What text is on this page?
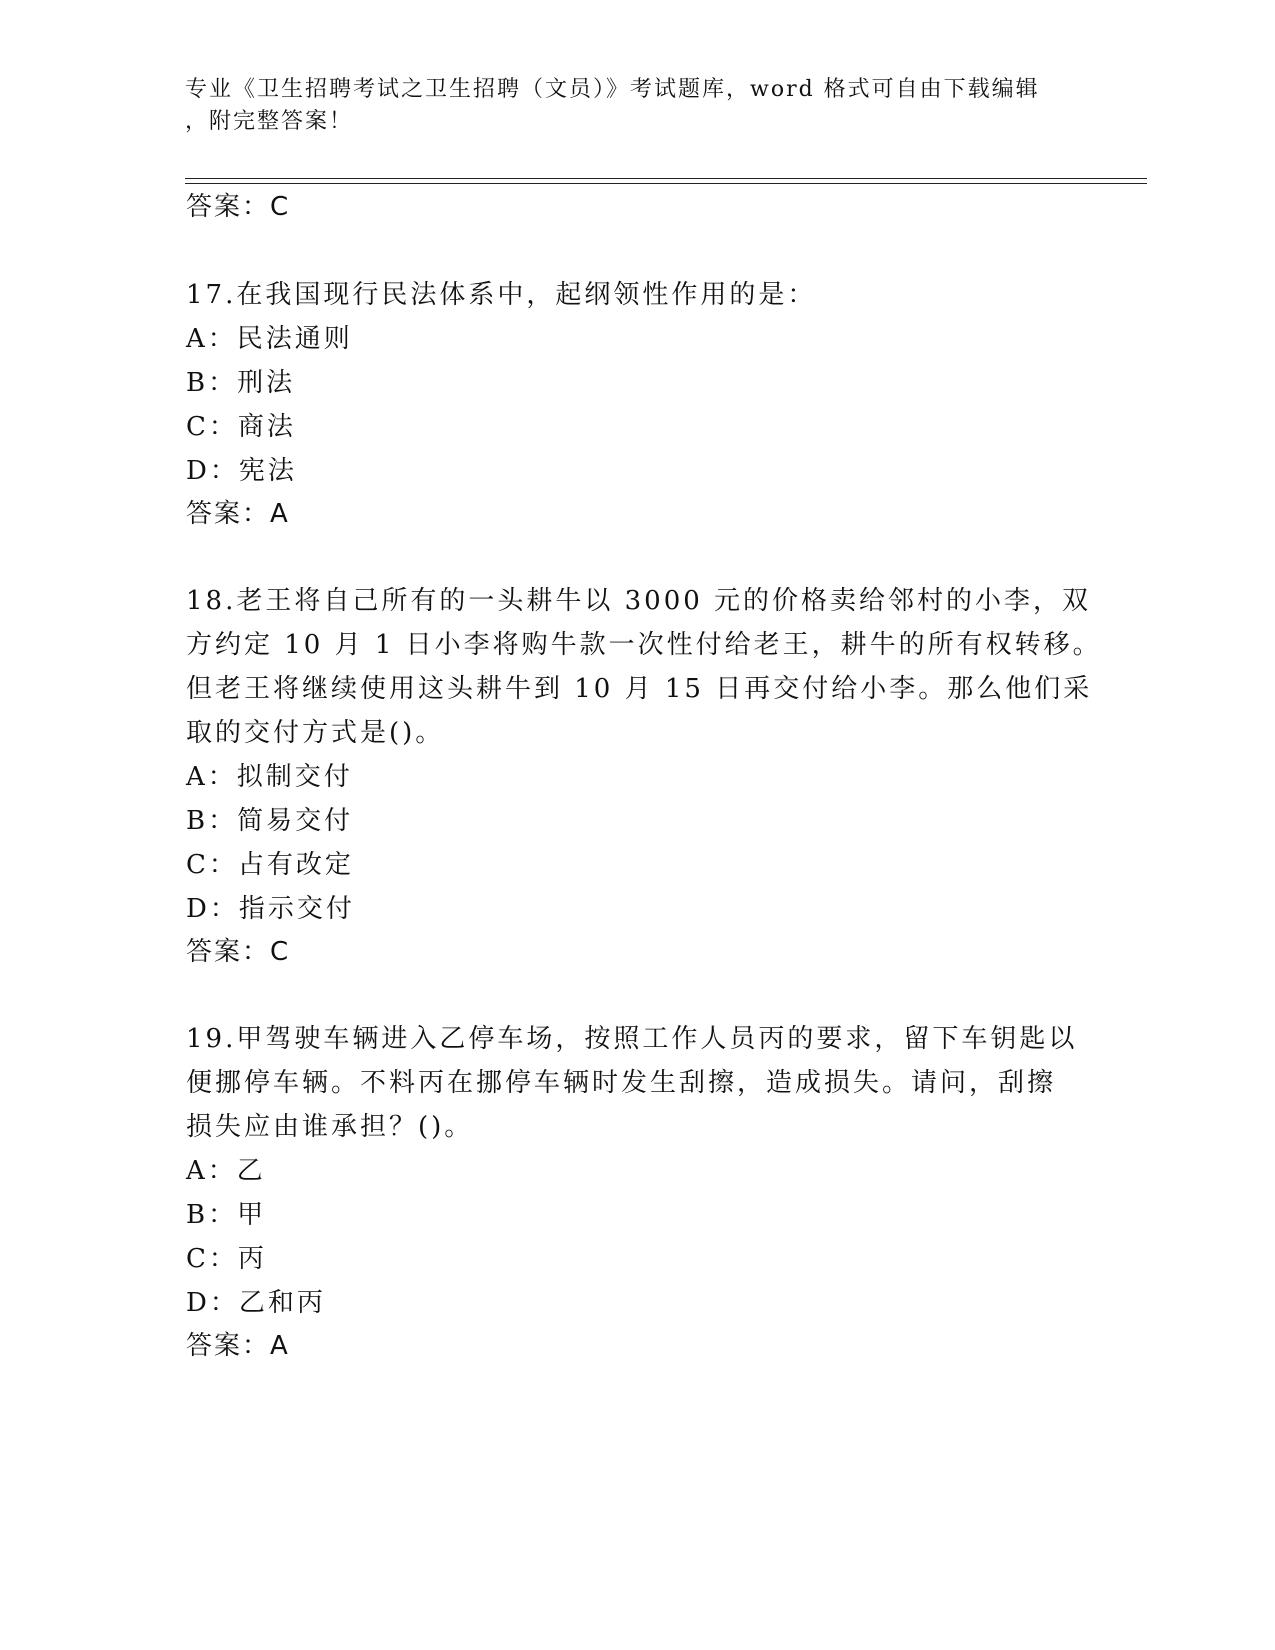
专业《卫生招聘考试之卫生招聘（文员）》考试题库，word 格式可自由下载编辑
，附完整答案！
答案：C
17.在我国现行民法体系中，起纲领性作用的是：
A：民法通则
B：刑法
C：商法
D：宪法
答案：A
18.老王将自己所有的一头耕牛以 3000 元的价格卖给邻村的小李，双
方约定 10 月 1 日小李将购牛款一次性付给老王，耕牛的所有权转移。
但老王将继续使用这头耕牛到 10 月 15 日再交付给小李。那么他们采
取的交付方式是()。
A：拟制交付
B：简易交付
C：占有改定
D：指示交付
答案：C
19.甲驾驶车辆进入乙停车场，按照工作人员丙的要求，留下车钥匙以
便挪停车辆。不料丙在挪停车辆时发生刮擦，造成损失。请问，刮擦
损失应由谁承担？()。
A：乙
B：甲
C：丙
D：乙和丙
答案：A
